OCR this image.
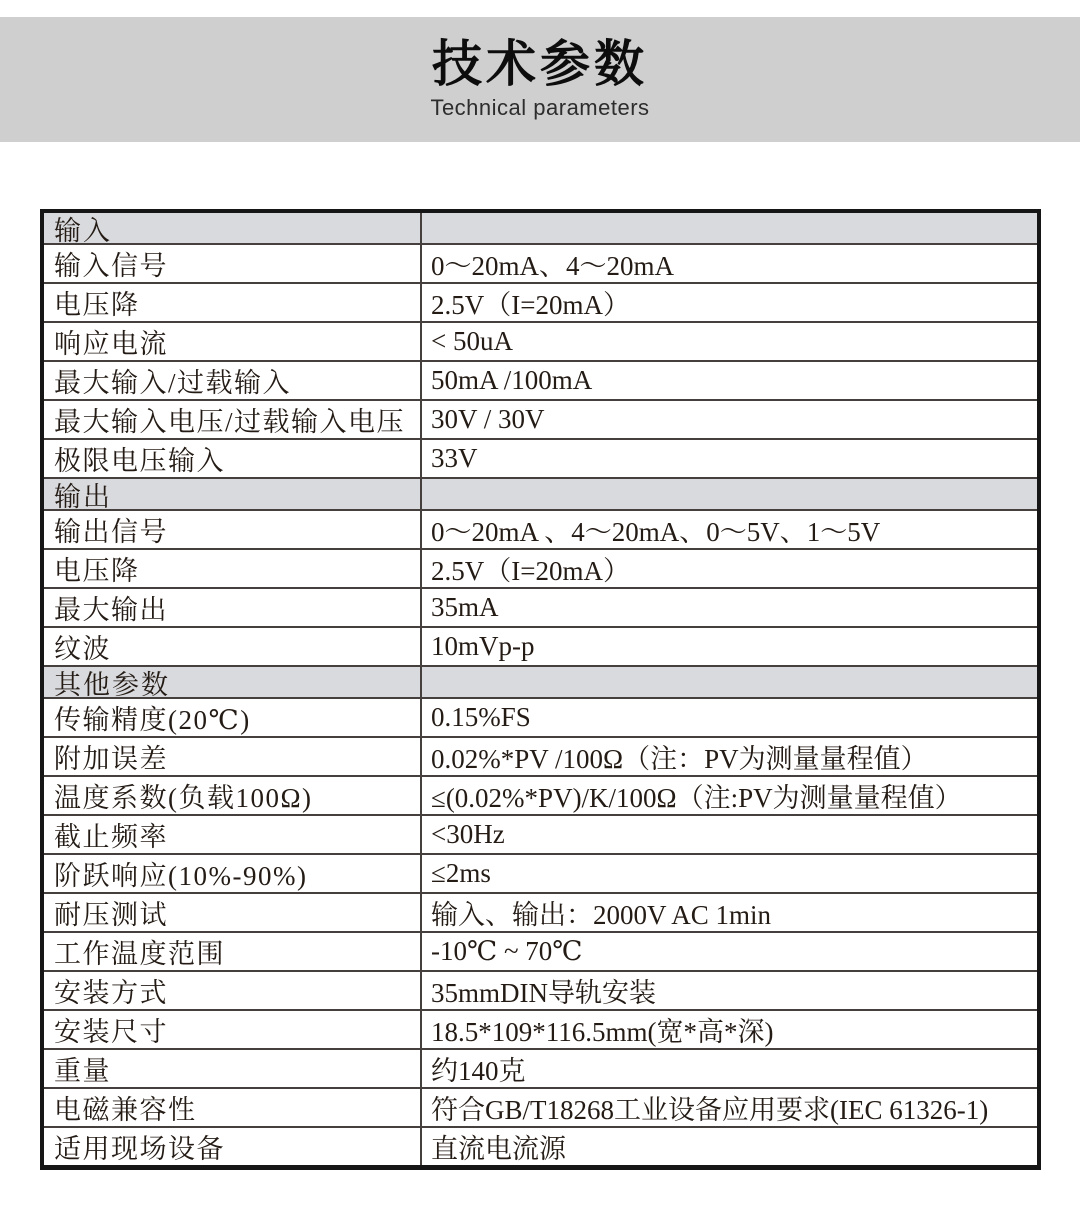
技术参数
Technical parameters
输入
输入信号	0～20mA、4～20mA
电压降	2.5V（I=20mA）
响应电流	< 50uA
最大输入/过载输入	50mA /100mA
最大输入电压/过载输入电压 30V / 30V
极限电压输入	33V
输出
输出信号	0～20mA 、4～20mA、0～5V、1～5V
电压降	2.5V（I=20mA）
最大输出	35mA
纹波	10mVp-p
其他参数
传输精度(20℃)	0.15%FS
附加误差	0.02%*PV /100Ω（注：PV为测量量程值）
温度系数(负载100Ω)	≤(0.02%*PV)/K/100Ω（注:PV为测量量程值）
截止频率	<30Hz
阶跃响应(10%-90%)	≤2ms
耐压测试	输入、输出：2000V AC 1min
工作温度范围	-10℃ ~ 70℃
安装方式	35mmDIN导轨安装
安装尺寸	18.5*109*116.5mm(宽*高*深)
重量	约140克
电磁兼容性	符合GB/T18268工业设备应用要求(IEC 61326-1)
适用现场设备	直流电流源
